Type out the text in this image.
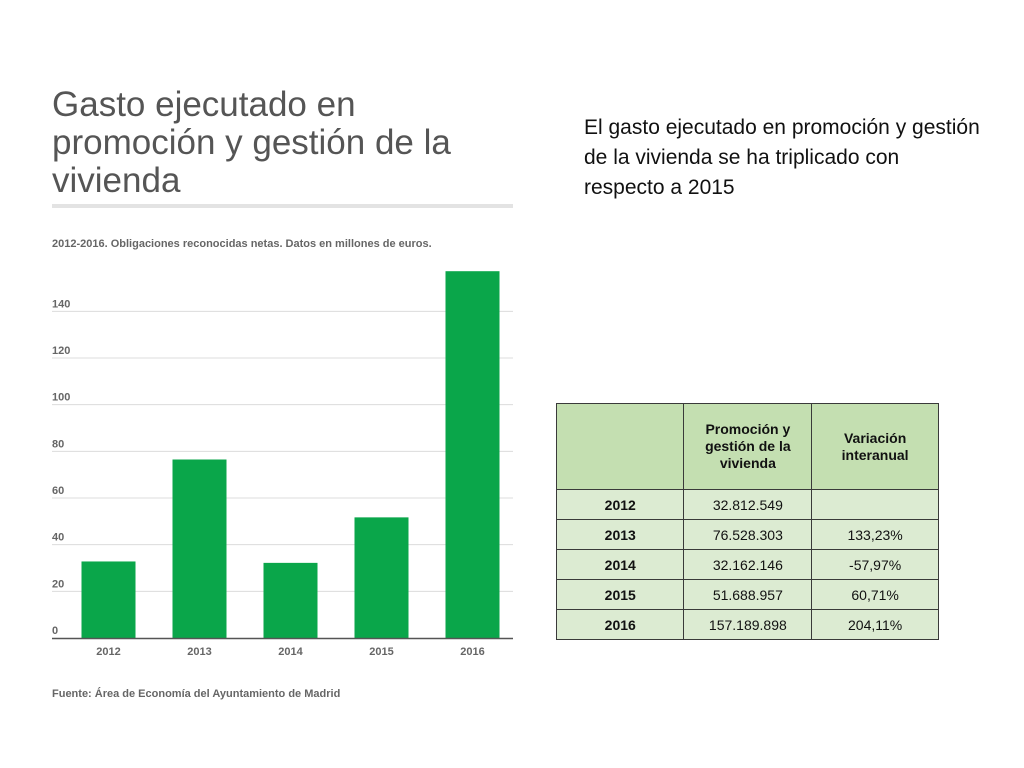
Gasto ejecutado en promoción y gestión de la vivienda
2012-2016. Obligaciones reconocidas netas. Datos en millones de euros.
0
20
40
60
80
100
120
140
2012	2013	2014	2015	2016
Fuente: Área de Economía del Ayuntamiento de Madrid
El gasto ejecutado en promoción y gestión de la vivienda se ha triplicado con respecto a 2015
	Promoción y gestión de la vivienda	Variación interanual
2012	32.812.549	
2013	76.528.303	133,23%
2014	32.162.146	-57,97%
2015	51.688.957	60,71%
2016	157.189.898	204,11%
